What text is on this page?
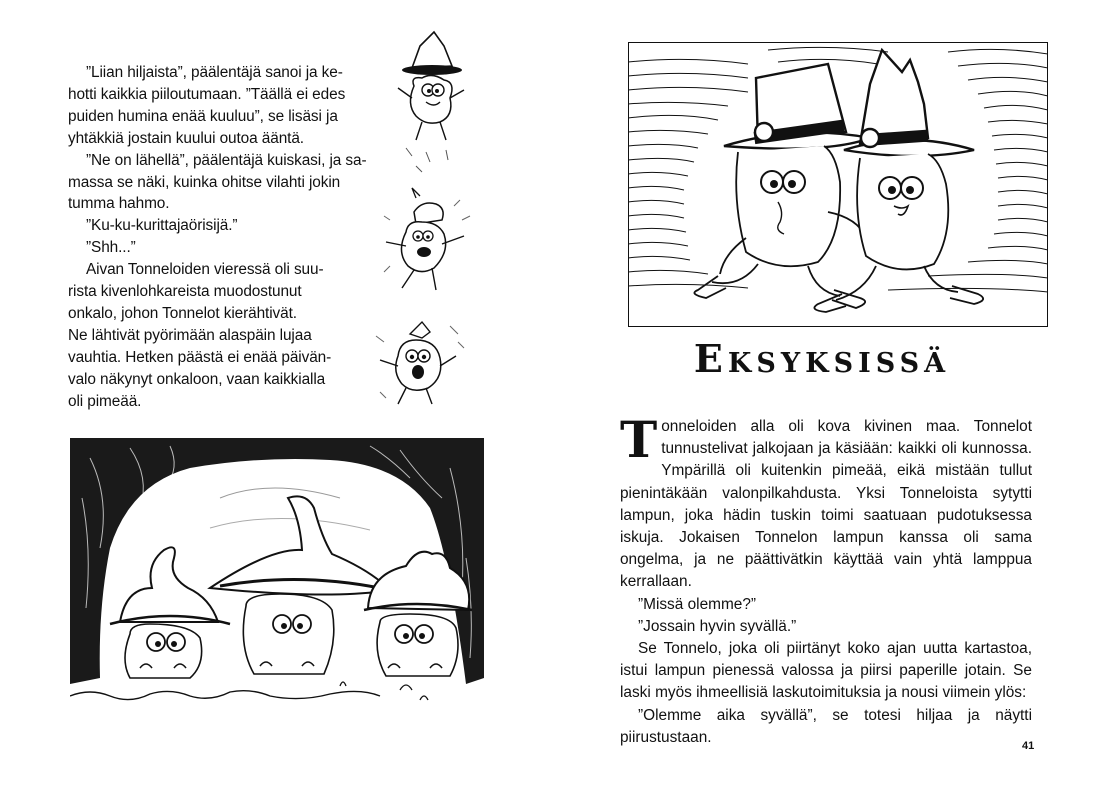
”Liian hiljaista”, päälentäjä sanoi ja ke-

hotti kaikkia piiloutumaan. ”Täällä ei edes

puiden humina enää kuuluu”, se lisäsi ja

yhtäkkiä jostain kuului outoa ääntä.

”Ne on lähellä”, päälentäjä kuiskasi, ja sa-

massa se näki, kuinka ohitse vilahti jokin

tumma hahmo.

”Ku-ku-kurittajaörisijä.”

”Shh...”

Aivan Tonneloiden vieressä oli suu-

rista kivenlohkareista muodostunut

onkalo, johon Tonnelot kierähtivät.

Ne lähtivät pyörimään alaspäin lujaa

vauhtia. Hetken päästä ei enää päivän-

valo näkynyt onkaloon, vaan kaikkialla

oli pimeää.

Eksyksissä

Tonneloiden alla oli kova kivinen maa. Tonnelot tunnustelivat jalkojaan ja käsiään: kaikki oli kunnossa. Ympärillä oli kuitenkin pimeää, eikä mistään tullut pienintäkään valonpilkahdusta. Yksi Tonneloista sytytti lampun, joka hädin tuskin toimi saatuaan pudotuksessa iskuja. Jokaisen Tonnelon lampun kanssa oli sama ongelma, ja ne päättivätkin käyttää vain yhtä lamppua kerrallaan.

”Missä olemme?”

”Jossain hyvin syvällä.”

Se Tonnelo, joka oli piirtänyt koko ajan uutta kartastoa, istui lampun pienessä valossa ja piirsi paperille jotain. Se laski myös ihmeellisiä laskutoimituksia ja nousi viimein ylös:

”Olemme aika syvällä”, se totesi hiljaa ja näytti piirustustaan.

41
